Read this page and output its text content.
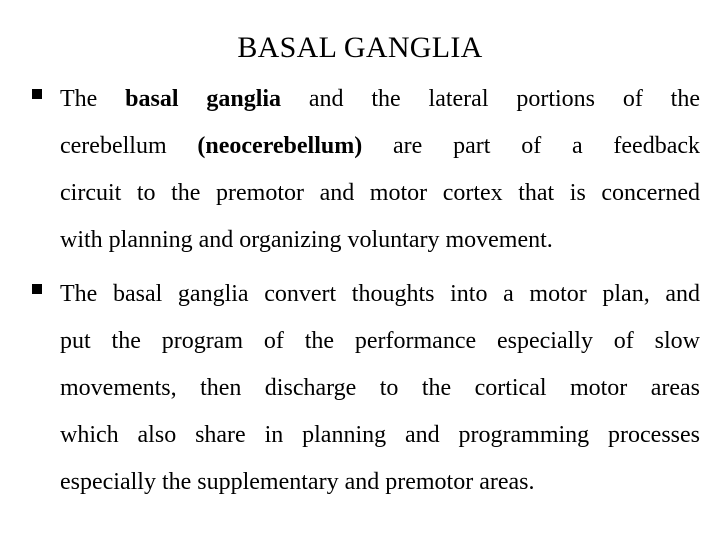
BASAL GANGLIA
The basal ganglia and the lateral portions of the
cerebellum (neocerebellum) are part of a feedback
circuit to the premotor and motor cortex that is concerned
with planning and organizing voluntary movement.
The basal ganglia convert thoughts into a motor plan, and
put the program of the performance especially of slow
movements, then discharge to the cortical motor areas
which also share in planning and programming processes
especially the supplementary and premotor areas.
